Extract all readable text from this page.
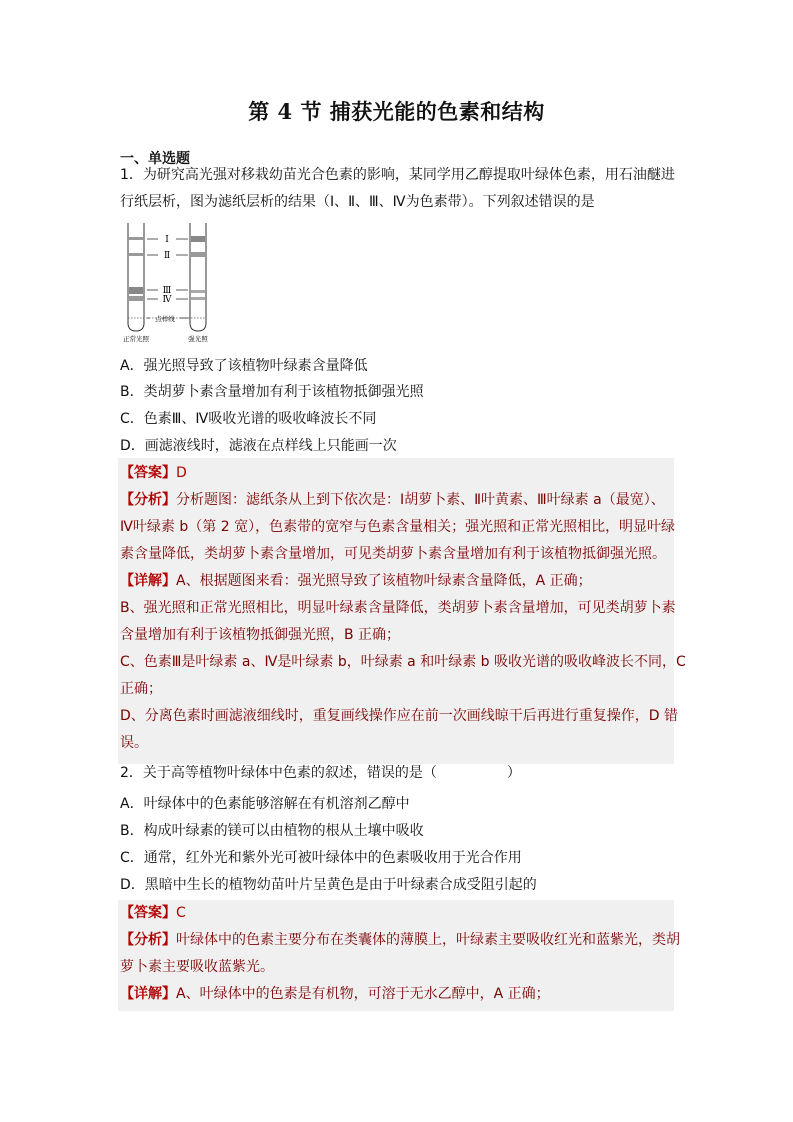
第 4 节 捕获光能的色素和结构
一、单选题
1．为研究高光强对移栽幼苗光合色素的影响，某同学用乙醇提取叶绿体色素，用石油醚进
行纸层析，图为滤纸层析的结果（Ⅰ、Ⅱ、Ⅲ、Ⅳ为色素带）。下列叙述错误的是
Ⅰ
Ⅱ
Ⅲ
Ⅳ
点样线
正常光照	强光照
A．强光照导致了该植物叶绿素含量降低
B．类胡萝卜素含量增加有利于该植物抵御强光照
C．色素Ⅲ、Ⅳ吸收光谱的吸收峰波长不同
D．画滤液线时，滤液在点样线上只能画一次
【答案】D
【分析】分析题图：滤纸条从上到下依次是：Ⅰ胡萝卜素、Ⅱ叶黄素、Ⅲ叶绿素 a（最宽）、
Ⅳ叶绿素 b（第 2 宽），色素带的宽窄与色素含量相关；强光照和正常光照相比，明显叶绿
素含量降低，类胡萝卜素含量增加，可见类胡萝卜素含量增加有利于该植物抵御强光照。
【详解】A、根据题图来看：强光照导致了该植物叶绿素含量降低，A 正确；
B、强光照和正常光照相比，明显叶绿素含量降低，类胡萝卜素含量增加，可见类胡萝卜素
含量增加有利于该植物抵御强光照，B 正确；
C、色素Ⅲ是叶绿素 a、Ⅳ是叶绿素 b，叶绿素 a 和叶绿素 b 吸收光谱的吸收峰波长不同，C
正确；
D、分离色素时画滤液细线时，重复画线操作应在前一次画线晾干后再进行重复操作，D 错
误。
2．关于高等植物叶绿体中色素的叙述，错误的是（　　　　　）
A．叶绿体中的色素能够溶解在有机溶剂乙醇中
B．构成叶绿素的镁可以由植物的根从土壤中吸收
C．通常，红外光和紫外光可被叶绿体中的色素吸收用于光合作用
D．黑暗中生长的植物幼苗叶片呈黄色是由于叶绿素合成受阻引起的
【答案】C
【分析】叶绿体中的色素主要分布在类囊体的薄膜上，叶绿素主要吸收红光和蓝紫光，类胡
萝卜素主要吸收蓝紫光。
【详解】A、叶绿体中的色素是有机物，可溶于无水乙醇中，A 正确；
